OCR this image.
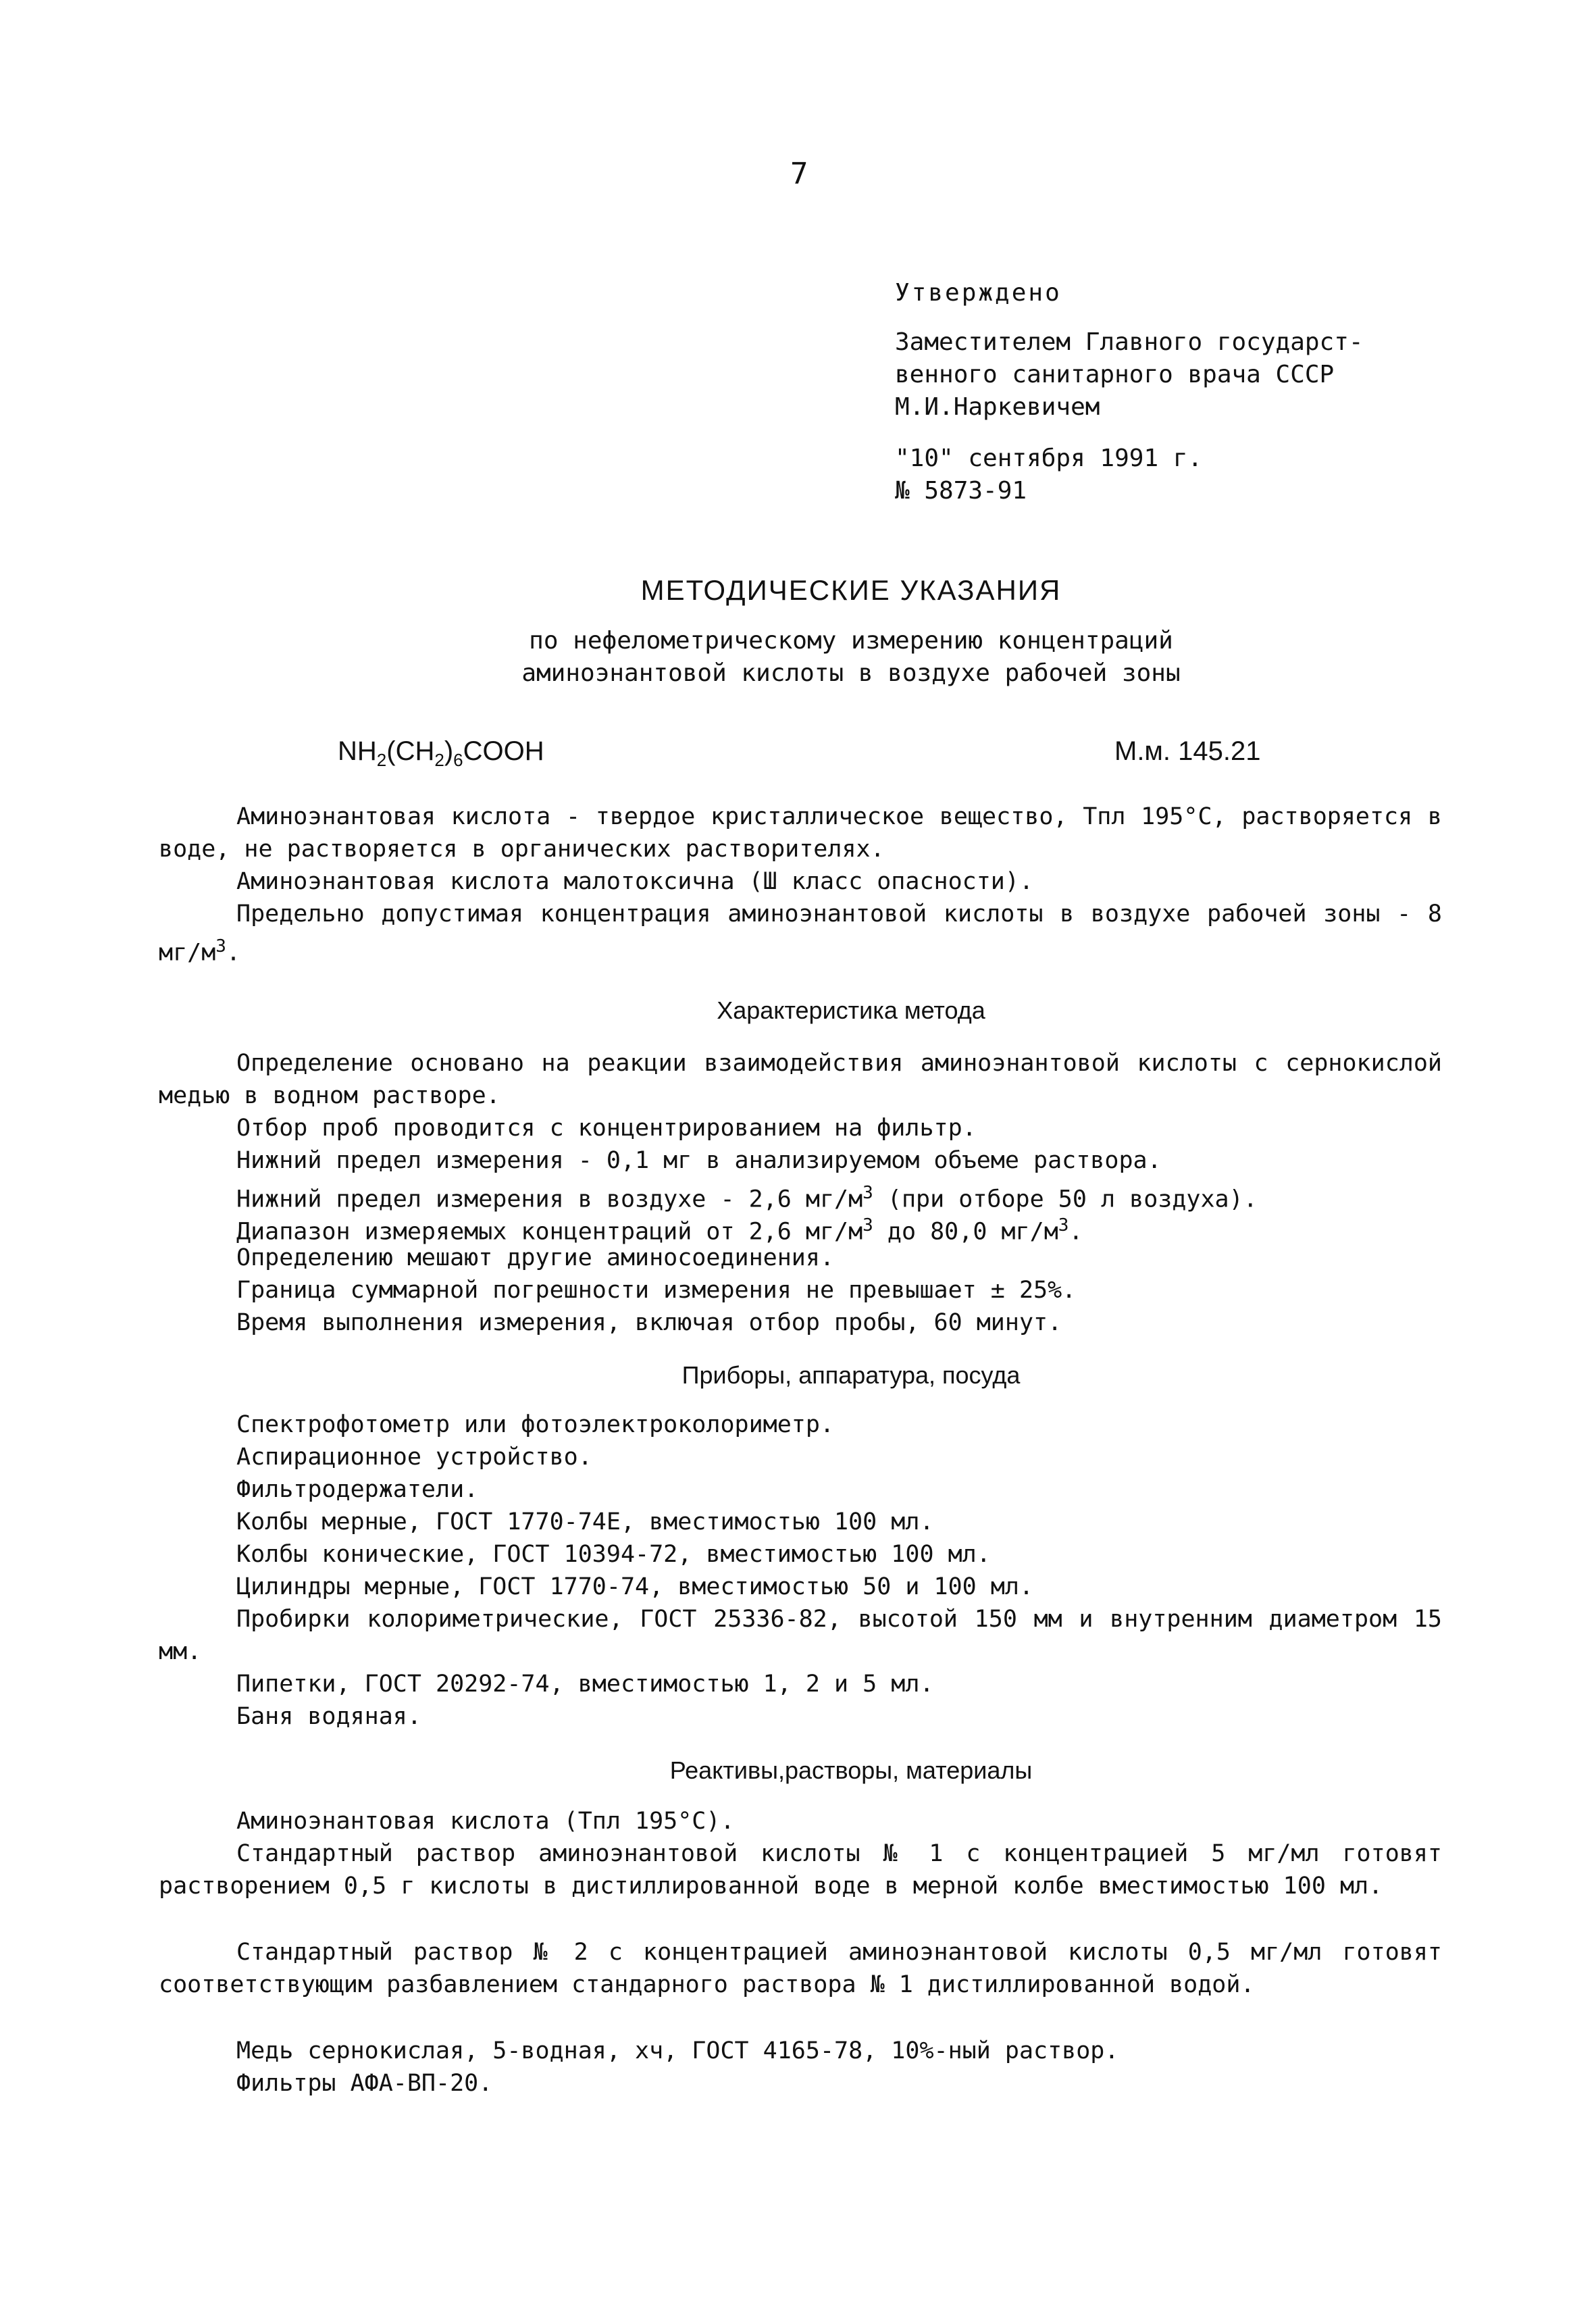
7
Утверждено
Заместителем Главного государст-
венного санитарного врача СССР
М.И.Наркевичем
"10" сентября 1991 г.
№ 5873-91
МЕТОДИЧЕСКИЕ УКАЗАНИЯ
по нефелометрическому измерению концентраций
аминоэнантовой кислоты в воздухе рабочей зоны
$NH_2(CH_2)_6COOH$	М.м. 145.21
Аминоэнантовая кислота - твердое кристаллическое вещество, Тпл 195°С, растворяется в воде, не растворяется в органических растворителях.
Аминоэнантовая кислота малотоксична (Ш класс опасности).
Предельно допустимая концентрация аминоэнантовой кислоты в воздухе рабочей зоны - 8 $мг/м^3$.
Характеристика метода
Определение основано на реакции взаимодействия аминоэнантовой кислоты с сернокислой медью в водном растворе.
Отбор проб проводится с концентрированием на фильтр.
Нижний предел измерения - 0,1 мг в анализируемом объеме раствора.
Нижний предел измерения в воздухе - 2,6 $мг/м^3$ (при отборе 50 л воздуха).
Диапазон измеряемых концентраций от 2,6 $мг/м^3$ до 80,0 $мг/м^3$.
Определению мешают другие аминосоединения.
Граница суммарной погрешности измерения не превышает ± 25%.
Время выполнения измерения, включая отбор пробы, 60 минут.
Приборы, аппаратура, посуда
Спектрофотометр или фотоэлектроколориметр.
Аспирационное устройство.
Фильтродержатели.
Колбы мерные, ГОСТ 1770-74Е, вместимостью 100 мл.
Колбы конические, ГОСТ 10394-72, вместимостью 100 мл.
Цилиндры мерные, ГОСТ 1770-74, вместимостью 50 и 100 мл.
Пробирки колориметрические, ГОСТ 25336-82, высотой 150 мм и внутренним диаметром 15 мм.
Пипетки, ГОСТ 20292-74, вместимостью 1, 2 и 5 мл.
Баня водяная.
Реактивы,растворы, материалы
Аминоэнантовая кислота (Тпл 195°С).
Стандартный раствор аминоэнантовой кислоты № 1 с концентрацией 5 мг/мл готовят растворением 0,5 г кислоты в дистиллированной воде в мерной колбе вместимостью 100 мл.
Стандартный раствор № 2 с концентрацией аминоэнантовой кислоты 0,5 мг/мл готовят соответствующим разбавлением стандарного раствора № 1 дистиллированной водой.
Медь сернокислая, 5-водная, хч, ГОСТ 4165-78, 10%-ный раствор.
Фильтры АФА-ВП-20.
